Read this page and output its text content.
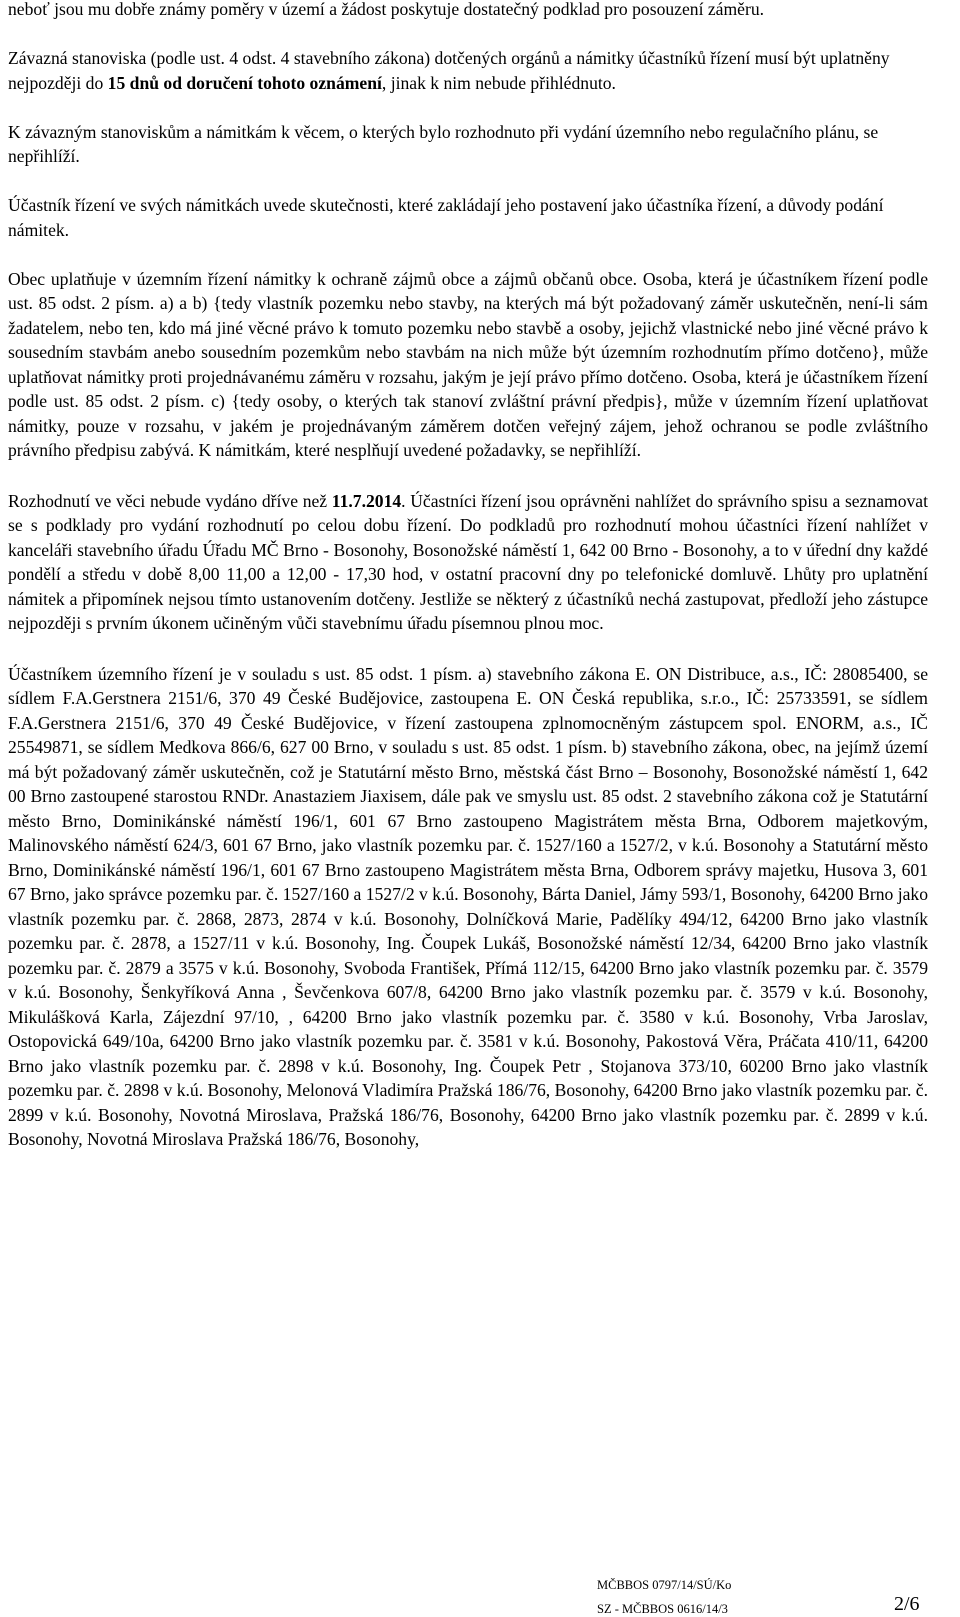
neboť jsou mu dobře známy poměry v území a žádost poskytuje dostatečný podklad pro posouzení záměru.

Závazná stanoviska (podle ust. 4 odst. 4 stavebního zákona) dotčených orgánů a námitky účastníků řízení musí být uplatněny nejpozději do 15 dnů od doručení tohoto oznámení, jinak k nim nebude přihlédnuto.

K závazným stanoviskům a námitkám k věcem, o kterých bylo rozhodnuto při vydání územního nebo regulačního plánu, se nepřihlíží.

Účastník řízení ve svých námitkách uvede skutečnosti, které zakládají jeho postavení jako účastníka řízení, a důvody podání námitek.

Obec uplatňuje v územním řízení námitky k ochraně zájmů obce a zájmů občanů obce. Osoba, která je účastníkem řízení podle ust. 85 odst. 2 písm. a) a b) {tedy vlastník pozemku nebo stavby, na kterých má být požadovaný záměr uskutečněn, není-li sám žadatelem, nebo ten, kdo má jiné věcné právo k tomuto pozemku nebo stavbě a osoby, jejichž vlastnické nebo jiné věcné právo k sousedním stavbám anebo sousedním pozemkům nebo stavbám na nich může být územním rozhodnutím přímo dotčeno}, může uplatňovat námitky proti projednávanému záměru v rozsahu, jakým je její právo přímo dotčeno. Osoba, která je účastníkem řízení podle ust. 85 odst. 2 písm. c) {tedy osoby, o kterých tak stanoví zvláštní právní předpis}, může v územním řízení uplatňovat námitky, pouze v rozsahu, v jakém je projednávaným záměrem dotčen veřejný zájem, jehož ochranou se podle zvláštního právního předpisu zabývá. K námitkám, které nesplňují uvedené požadavky, se nepřihlíží.

Rozhodnutí ve věci nebude vydáno dříve než 11.7.2014. Účastníci řízení jsou oprávněni nahlížet do správního spisu a seznamovat se s podklady pro vydání rozhodnutí po celou dobu řízení. Do podkladů pro rozhodnutí mohou účastníci řízení nahlížet v kanceláři stavebního úřadu Úřadu MČ Brno - Bosonohy, Bosonožské náměstí 1, 642 00 Brno - Bosonohy, a to v úřední dny každé pondělí a středu v době 8,00 11,00 a 12,00 - 17,30 hod, v ostatní pracovní dny po telefonické domluvě. Lhůty pro uplatnění námitek a připomínek nejsou tímto ustanovením dotčeny. Jestliže se některý z účastníků nechá zastupovat, předloží jeho zástupce nejpozději s prvním úkonem učiněným vůči stavebnímu úřadu písemnou plnou moc.

Účastníkem územního řízení je v souladu s ust. 85 odst. 1 písm. a) stavebního zákona E. ON Distribuce, a.s., IČ: 28085400, se sídlem F.A.Gerstnera 2151/6, 370 49 České Budějovice, zastoupena E. ON Česká republika, s.r.o., IČ: 25733591, se sídlem F.A.Gerstnera 2151/6, 370 49 České Budějovice, v řízení zastoupena zplnomocněným zástupcem spol. ENORM, a.s., IČ 25549871, se sídlem Medkova 866/6, 627 00 Brno, v souladu s ust. 85 odst. 1 písm. b) stavebního zákona, obec, na jejímž území má být požadovaný záměr uskutečněn, což je Statutární město Brno, městská část Brno – Bosonohy, Bosonožské náměstí 1, 642 00 Brno zastoupené starostou RNDr. Anastaziem Jiaxisem, dále pak ve smyslu ust. 85 odst. 2 stavebního zákona což je Statutární město Brno, Dominikánské náměstí 196/1, 601 67 Brno zastoupeno Magistrátem města Brna, Odborem majetkovým, Malinovského náměstí 624/3, 601 67 Brno, jako vlastník pozemku par. č. 1527/160 a 1527/2, v k.ú. Bosonohy a Statutární město Brno, Dominikánské náměstí 196/1, 601 67 Brno zastoupeno Magistrátem města Brna, Odborem správy majetku, Husova 3, 601 67 Brno, jako správce pozemku par. č. 1527/160 a 1527/2 v k.ú. Bosonohy, Bárta Daniel, Jámy 593/1, Bosonohy, 64200 Brno jako vlastník pozemku par. č. 2868, 2873, 2874 v k.ú. Bosonohy, Dolníčková Marie, Padělíky 494/12, 64200 Brno jako vlastník pozemku par. č. 2878, a 1527/11 v k.ú. Bosonohy, Ing. Čoupek Lukáš, Bosonožské náměstí 12/34, 64200 Brno jako vlastník pozemku par. č. 2879 a 3575 v k.ú. Bosonohy, Svoboda František, Přímá 112/15, 64200 Brno jako vlastník pozemku par. č. 3579 v k.ú. Bosonohy, Šenkyříková Anna , Ševčenkova 607/8, 64200 Brno jako vlastník pozemku par. č. 3579 v k.ú. Bosonohy, Mikulášková Karla, Zájezdní 97/10, , 64200 Brno jako vlastník pozemku par. č. 3580 v k.ú. Bosonohy, Vrba Jaroslav, Ostopovická 649/10a, 64200 Brno jako vlastník pozemku par. č. 3581 v k.ú. Bosonohy, Pakostová Věra, Práčata 410/11, 64200 Brno jako vlastník pozemku par. č. 2898 v k.ú. Bosonohy, Ing. Čoupek Petr , Stojanova 373/10, 60200 Brno jako vlastník pozemku par. č. 2898 v k.ú. Bosonohy, Melonová Vladimíra Pražská 186/76, Bosonohy, 64200 Brno jako vlastník pozemku par. č. 2899 v k.ú. Bosonohy, Novotná Miroslava, Pražská 186/76, Bosonohy, 64200 Brno jako vlastník pozemku par. č. 2899 v k.ú. Bosonohy, Novotná Miroslava Pražská 186/76, Bosonohy,

MČBBOS 0797/14/SÚ/Ko
SZ - MČBBOS 0616/14/3	2/6
